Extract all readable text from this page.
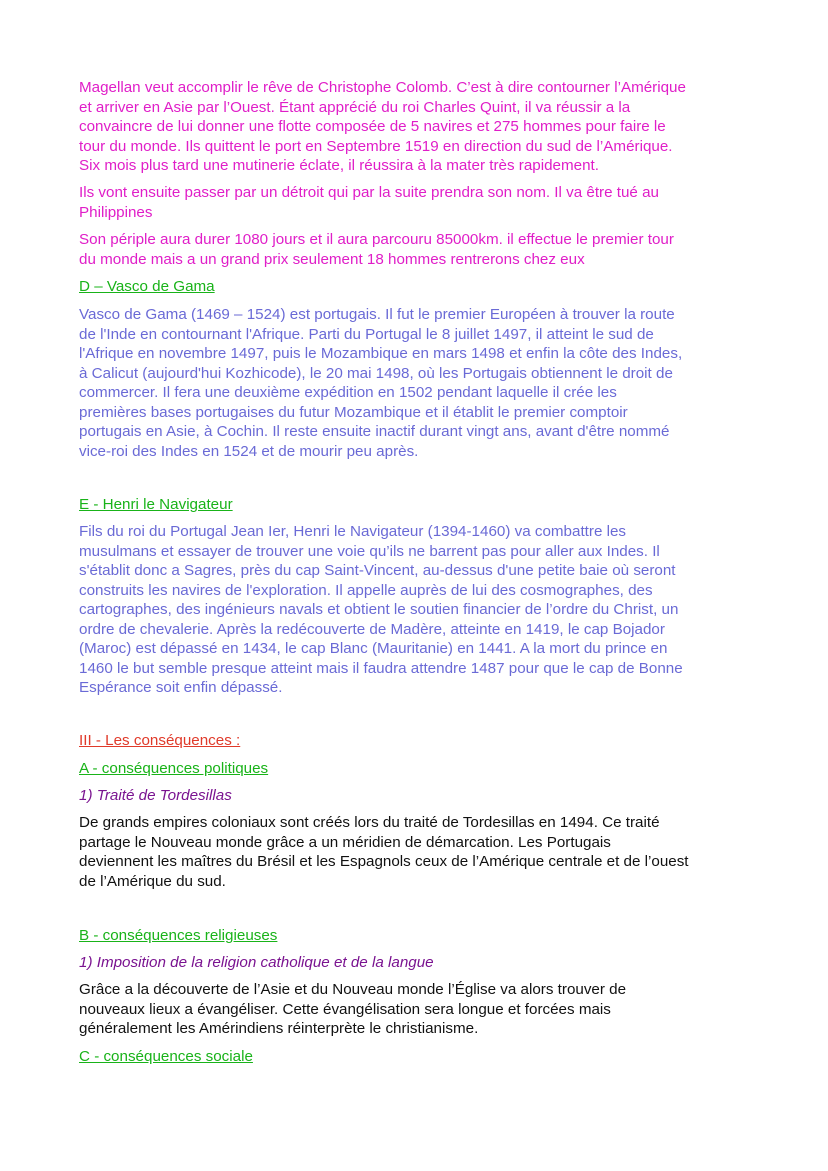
Magellan veut accomplir le rêve de Christophe Colomb. C’est à dire contourner l’Amérique
et arriver en Asie par l’Ouest. Étant apprécié du roi Charles Quint, il va réussir a la
convaincre de lui donner une flotte composée de 5 navires et 275 hommes pour faire le
tour du monde. Ils quittent le port en Septembre 1519 en direction du sud de l’Amérique.
Six mois plus tard une mutinerie éclate, il réussira à la mater très rapidement.
Ils vont ensuite passer par un détroit qui par la suite prendra son nom. Il va être tué au
Philippines
Son périple aura durer 1080 jours et il aura parcouru 85000km. il effectue le premier tour
du monde mais a un grand prix seulement 18 hommes rentrerons chez eux
D – Vasco de Gama
Vasco de Gama (1469 – 1524) est portugais. Il fut le premier Européen à trouver la route
de l'Inde en contournant l'Afrique. Parti du Portugal le 8 juillet 1497, il atteint le sud de
l'Afrique en novembre 1497, puis le Mozambique en mars 1498 et enfin la côte des Indes,
à Calicut (aujourd'hui Kozhicode), le 20 mai 1498, où les Portugais obtiennent le droit de
commercer. Il fera une deuxième expédition en 1502 pendant laquelle il crée les
premières bases portugaises du futur Mozambique et il établit le premier comptoir
portugais en Asie, à Cochin. Il reste ensuite inactif durant vingt ans, avant d'être nommé
vice-roi des Indes en 1524 et de mourir peu après.
E - Henri le Navigateur
Fils du roi du Portugal Jean Ier, Henri le Navigateur (1394-1460) va combattre les
musulmans et essayer de trouver une voie qu’ils ne barrent pas pour aller aux Indes. Il
s'établit donc a Sagres, près du cap Saint-Vincent, au-dessus d'une petite baie où seront
construits les navires de l'exploration. Il appelle auprès de lui des cosmographes, des
cartographes, des ingénieurs navals et obtient le soutien financier de l’ordre du Christ, un
ordre de chevalerie. Après la redécouverte de Madère, atteinte en 1419, le cap Bojador
(Maroc) est dépassé en 1434, le cap Blanc (Mauritanie) en 1441. A la mort du prince en
1460 le but semble presque atteint mais il faudra attendre 1487 pour que le cap de Bonne
Espérance soit enfin dépassé.
III - Les conséquences :
A - conséquences politiques
1) Traité de Tordesillas
De grands empires coloniaux sont créés lors du traité de Tordesillas en 1494. Ce traité
partage le Nouveau monde grâce a un méridien de démarcation. Les Portugais
deviennent les maîtres du Brésil et les Espagnols ceux de l’Amérique centrale et de l’ouest
de l’Amérique du sud.
B - conséquences religieuses
1) Imposition de la religion catholique et de la langue
Grâce a la découverte de l’Asie et du Nouveau monde l’Église va alors trouver de
nouveaux lieux a évangéliser. Cette évangélisation sera longue et forcées mais
généralement les Amérindiens réinterprète le christianisme.
C - conséquences sociale
